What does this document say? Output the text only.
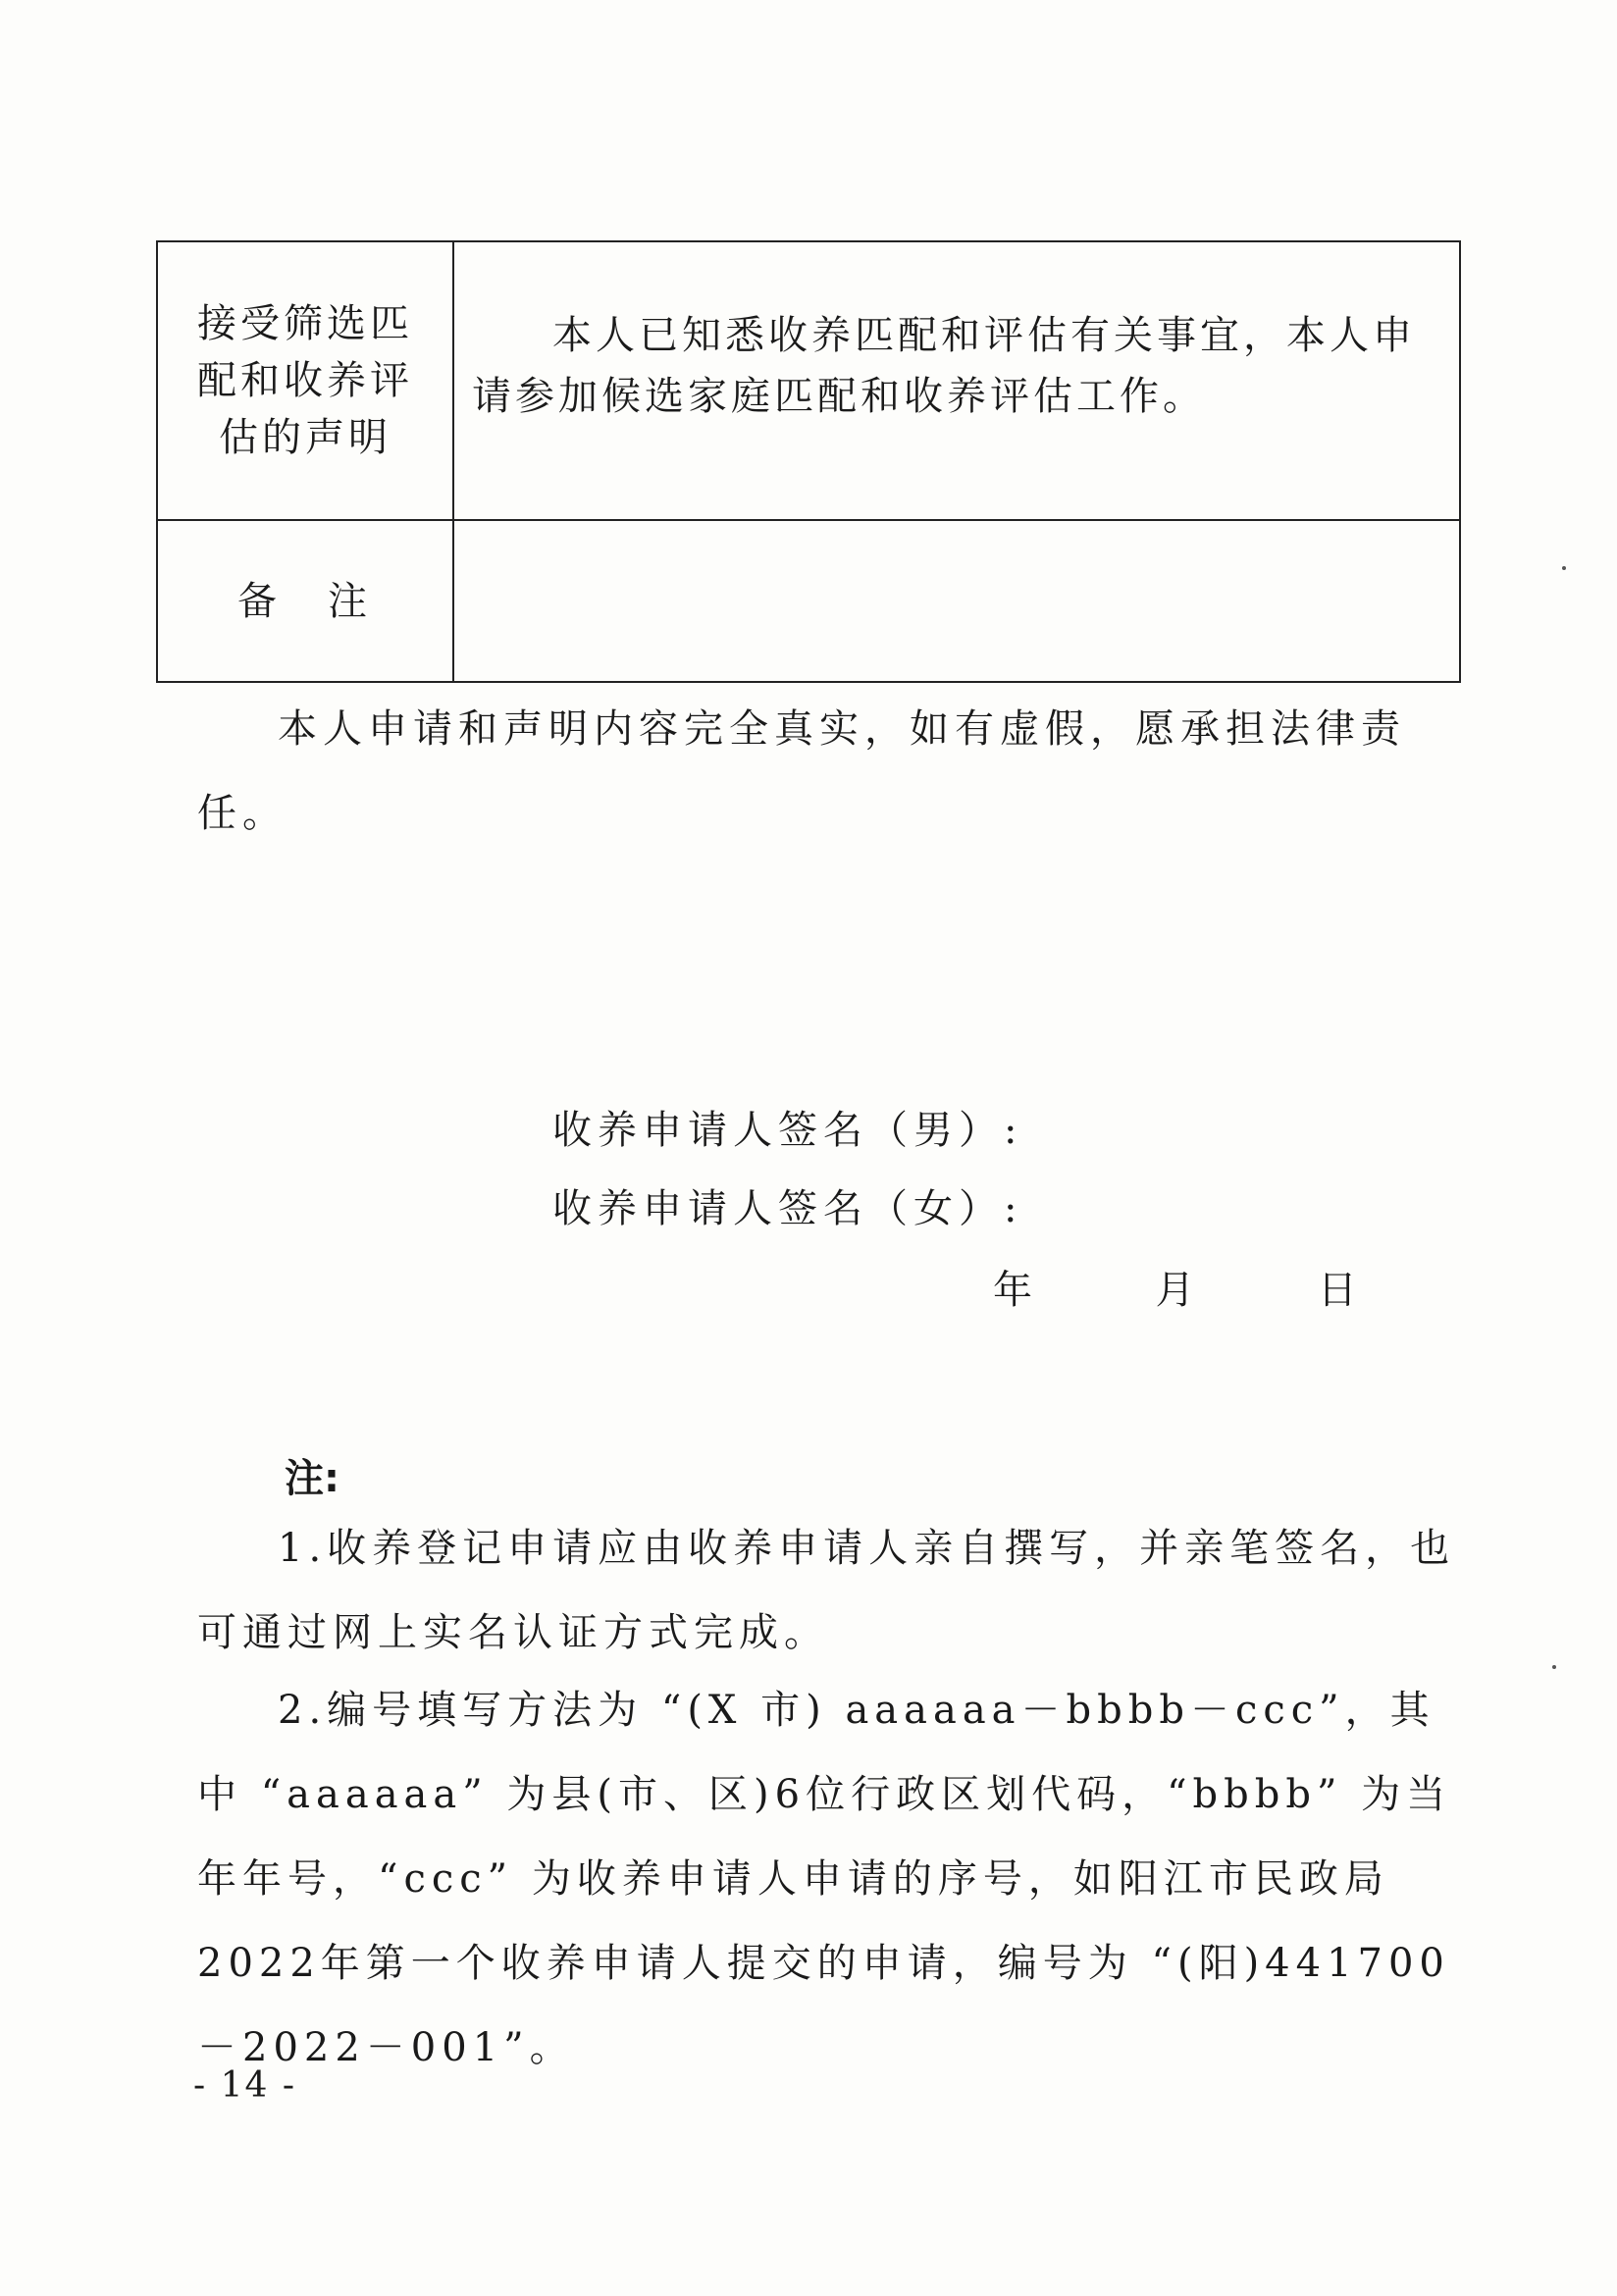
接受筛选匹
配和收养评
估的声明	本人已知悉收养匹配和评估有关事宜，本人申请参加候选家庭匹配和收养评估工作。

备　注	

本人申请和声明内容完全真实，如有虚假，愿承担法律责任。

收养申请人签名（男）:
收养申请人签名（女）:
年	月	日
注:

1.收养登记申请应由收养申请人亲自撰写，并亲笔签名，也可通过网上实名认证方式完成。

2.编号填写方法为 “(X 市) aaaaaa－bbbb－ccc”，其中 “aaaaaa” 为县(市、区)6位行政区划代码，“bbbb” 为当年年号，“ccc” 为收养申请人申请的序号，如阳江市民政局2022年第一个收养申请人提交的申请，编号为 “(阳)441700－2022－001”。

- 14 -
